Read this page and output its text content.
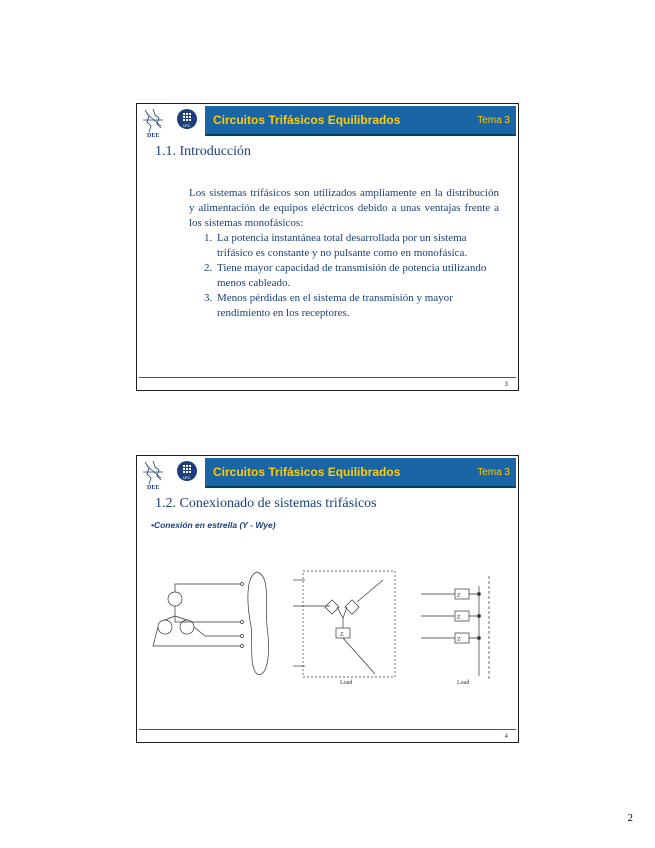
DEE
UPC Circuitos Trifásicos Equilibrados	Tema 3
1.1. Introducción
Los sistemas trifásicos son utilizados ampliamente en la distribución y alimentación de equipos eléctricos debido a unas ventajas frente a los sistemas monofásicos:
1. La potencia instantánea total desarrollada por un sistema trifásico es constante y no pulsante como en monofásica.
2. Tiene mayor capacidad de transmisión de potencia utilizando menos cableado.
3. Menos pérdidas en el sistema de transmisión y mayor rendimiento en los receptores.
3
DEE
UPC Circuitos Trifásicos Equilibrados	Tema 3
1.2. Conexionado de sistemas trifásicos
•Conexión en estrella (Y - Wye)
Z
Z
Z
Z
Load	Load
4
2
